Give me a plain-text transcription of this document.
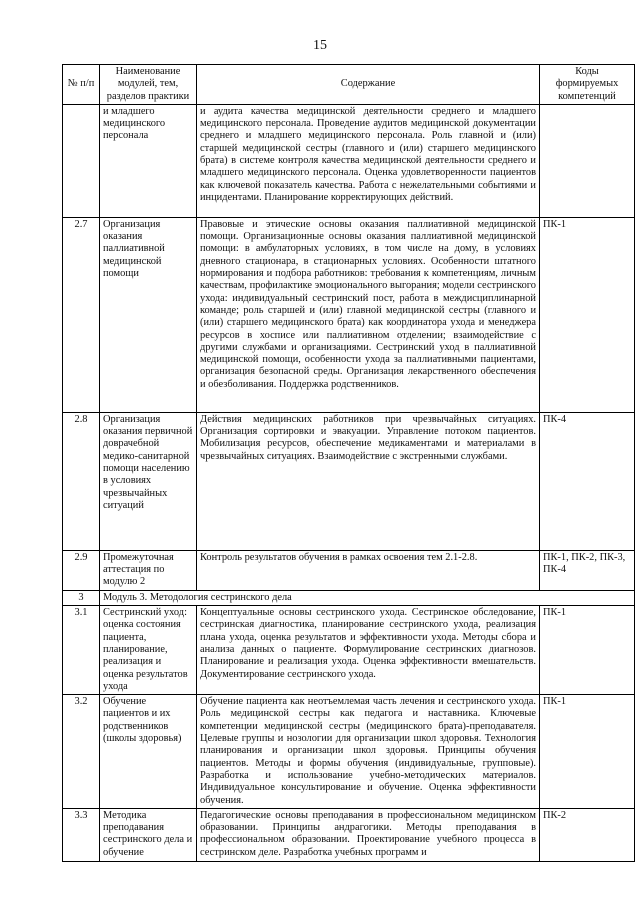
15
№ п/п	Наименование модулей, тем, разделов практики	Содержание	Коды формируемых компетенций
	и младшего медицинского персонала	и аудита качества медицинской деятельности среднего и младшего медицинского персонала. Проведение аудитов медицинской документации среднего и младшего медицинского персонала. Роль главной и (или) старшей медицинской сестры (главного и (или) старшего медицинского брата) в системе контроля качества медицинской деятельности среднего и младшего медицинского персонала. Оценка удовлетворенности пациентов как ключевой показатель качества. Работа с нежелательными событиями и инцидентами. Планирование корректирующих действий.	
2.7	Организация оказания паллиативной медицинской помощи	Правовые и этические основы оказания паллиативной медицинской помощи. Организационные основы оказания паллиативной медицинской помощи: в амбулаторных условиях, в том числе на дому, в условиях дневного стационара, в стационарных условиях. Особенности штатного нормирования и подбора работников: требования к компетенциям, личным качествам, профилактике эмоционального выгорания; модели сестринского ухода: индивидуальный сестринский пост, работа в междисциплинарной команде; роль старшей и (или) главной медицинской сестры (главного и (или) старшего медицинского брата) как координатора ухода и менеджера ресурсов в хосписе или паллиативном отделении; взаимодействие с другими службами и организациями. Сестринский уход в паллиативной медицинской помощи, особенности ухода за паллиативными пациентами, организация безопасной среды. Организация лекарственного обеспечения и обезболивания. Поддержка родственников.	ПК-1
2.8	Организация оказания первичной доврачебной медико-санитарной помощи населению в условиях чрезвычайных ситуаций	Действия медицинских работников при чрезвычайных ситуациях. Организация сортировки и эвакуации. Управление потоком пациентов. Мобилизация ресурсов, обеспечение медикаментами и материалами в чрезвычайных ситуациях. Взаимодействие с экстренными службами.	ПК-4
2.9	Промежуточная аттестация по модулю 2	Контроль результатов обучения в рамках освоения тем 2.1-2.8.	ПК-1, ПК-2, ПК-3, ПК-4
3	Модуль 3. Методология сестринского дела		
3.1	Сестринский уход: оценка состояния пациента, планирование, реализация и оценка результатов ухода	Концептуальные основы сестринского ухода. Сестринское обследование, сестринская диагностика, планирование сестринского ухода, реализация плана ухода, оценка результатов и эффективности ухода. Методы сбора и анализа данных о пациенте. Формулирование сестринских диагнозов. Планирование и реализация ухода. Оценка эффективности вмешательств. Документирование сестринского ухода.	ПК-1
3.2	Обучение пациентов и их родственников (школы здоровья)	Обучение пациента как неотъемлемая часть лечения и сестринского ухода. Роль медицинской сестры как педагога и наставника. Ключевые компетенции медицинской сестры (медицинского брата)-преподавателя. Целевые группы и нозологии для организации школ здоровья. Технология планирования и организации школ здоровья. Принципы обучения пациентов. Методы и формы обучения (индивидуальные, групповые). Разработка и использование учебно-методических материалов. Индивидуальное консультирование и обучение. Оценка эффективности обучения.	ПК-1
3.3	Методика преподавания сестринского дела и обучение	Педагогические основы преподавания в профессиональном медицинском образовании. Принципы андрагогики. Методы преподавания в профессиональном образовании. Проектирование учебного процесса в сестринском деле. Разработка учебных программ и	ПК-2
